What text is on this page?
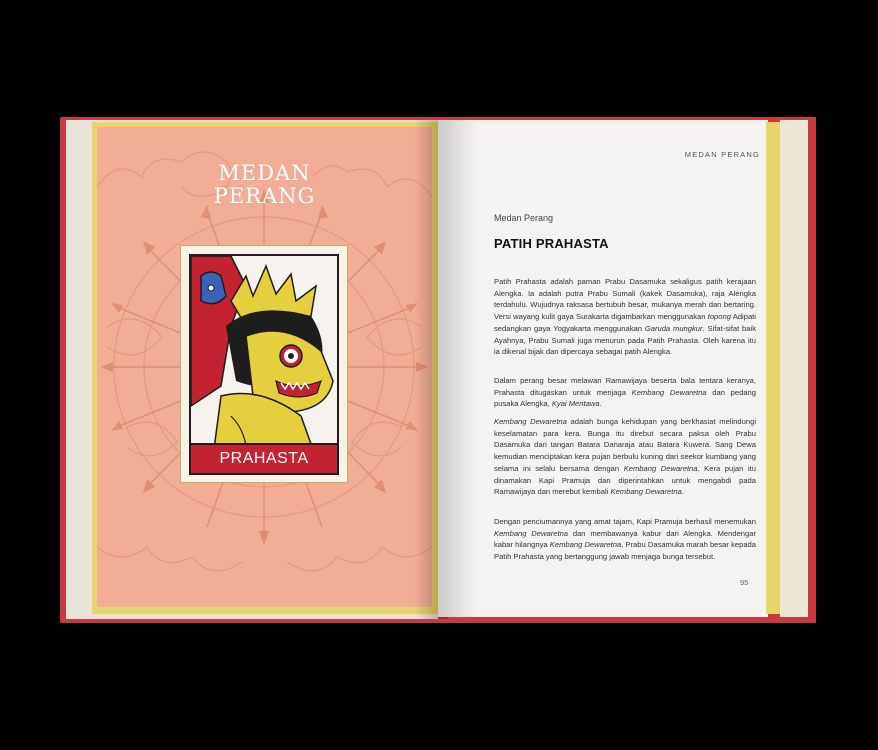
MEDAN
PERANG
PRAHASTA
MEDAN PERANG
Medan Perang
PATIH PRAHASTA

Patih Prahasta adalah paman Prabu Dasamuka sekaligus patih kerajaan Alengka. Ia adalah putra Prabu Sumali (kakek Dasamuka), raja Alengka terdahulu. Wujudnya raksasa bertubuh besar, mukanya merah dan bertaring. Versi wayang kulit gaya Surakarta digambarkan menggunakan topong Adipati sedangkan gaya Yogyakarta menggunakan Garuda mungkur. Sifat-sifat baik Ayahnya, Prabu Sumali juga menurun pada Patih Prahasta. Oleh karena itu ia dikenal bijak dan dipercaya sebagai patih Alengka.

Dalam perang besar melawan Ramawijaya beserta bala tentara keranya, Prahasta ditugaskan untuk menjaga Kembang Dewaretna dan pedang pusaka Alengka, Kyai Mentawa.

Kembang Dewaretna adalah bunga kehidupan yang berkhasiat melindungi keselamatan para kera. Bunga itu direbut secara paksa oleh Prabu Dasamuka dari tangan Batara Danaraja atau Batara Kuwera. Sang Dewa kemudian menciptakan kera pujan berbulu kuning dari seekor kumbang yang selama ini selalu bersama dengan Kembang Dewaretna. Kera pujan itu dinamakan Kapi Pramuja dan diperintahkan untuk mengabdi pada Ramawijaya dan merebut kembali Kembang Dewaretna.

Dengan penciumannya yang amat tajam, Kapi Pramuja berhasil menemukan Kembang Dewaretna dan membawanya kabur dari Alengka. Mendengar kabar hilangnya Kembang Dewaretna, Prabu Dasamuka marah besar kepada Patih Prahasta yang bertanggung jawab menjaga bunga tersebut.

95
